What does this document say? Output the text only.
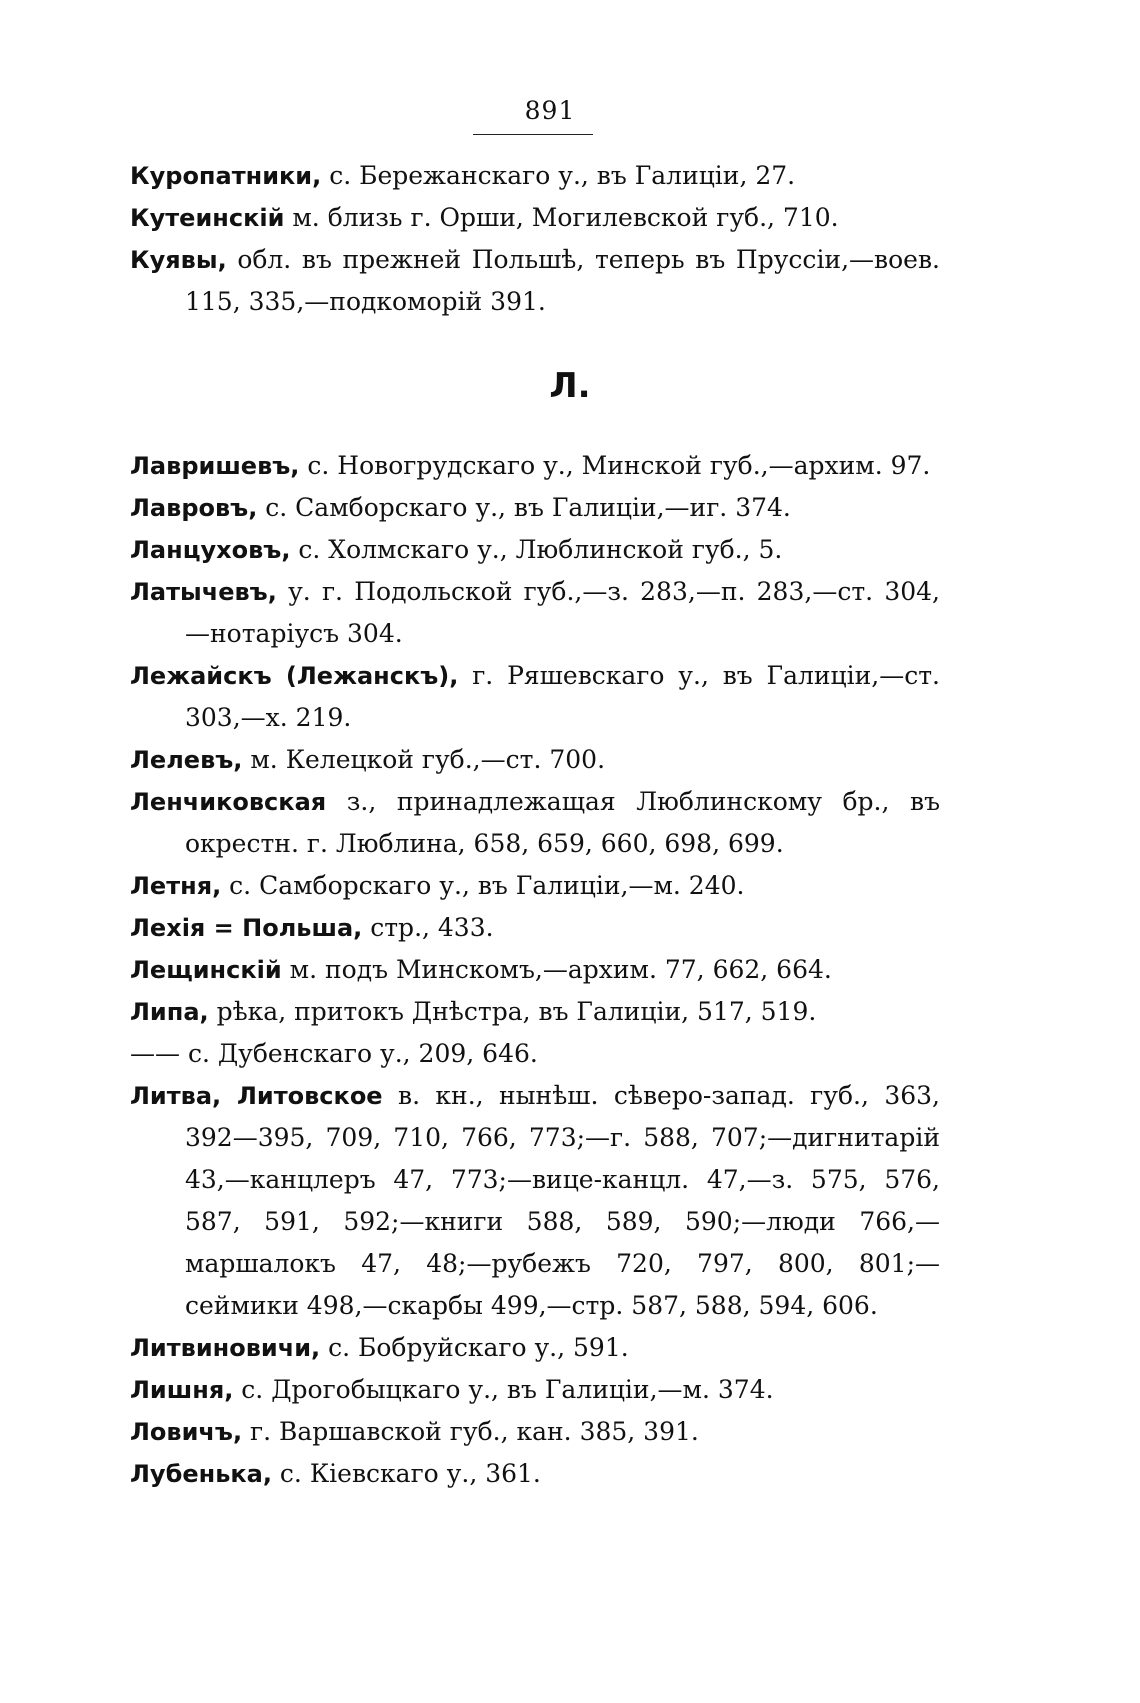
891

Куропатники, с. Бережанскаго у., въ Галиціи, 27.

Кутеинскій м. близь г. Орши, Могилевской губ., 710.

Куявы, обл. въ прежней Польшѣ, теперь въ Пруссіи,—воев. 115, 335,—подкоморій 391.

Л.

Лавришевъ, с. Новогрудскаго у., Минской губ.,—архим. 97.

Лавровъ, с. Самборскаго у., въ Галиціи,—иг. 374.

Ланцуховъ, с. Холмскаго у., Люблинской губ., 5.

Латычевъ, у. г. Подольской губ.,—з. 283,—п. 283,—ст. 304,—нотаріусъ 304.

Лежайскъ (Лежанскъ), г. Ряшевскаго у., въ Галиціи,—ст. 303,—х. 219.

Лелевъ, м. Келецкой губ.,—ст. 700.

Ленчиковская з., принадлежащая Люблинскому бр., въ окрестн. г. Люблина, 658, 659, 660, 698, 699.

Летня, с. Самборскаго у., въ Галиціи,—м. 240.

Лехія = Польша, стр., 433.

Лещинскій м. подъ Минскомъ,—архим. 77, 662, 664.

Липа, рѣка, притокъ Днѣстра, въ Галиціи, 517, 519.

—— с. Дубенскаго у., 209, 646.

Литва, Литовское в. кн., нынѣш. сѣверо-запад. губ., 363, 392—395, 709, 710, 766, 773;—г. 588, 707;—дигнитарій 43,—канцлеръ 47, 773;—вице-канцл. 47,—з. 575, 576, 587, 591, 592;—книги 588, 589, 590;—люди 766,—маршалокъ 47, 48;—рубежъ 720, 797, 800, 801;—сеймики 498,—скарбы 499,—стр. 587, 588, 594, 606.

Литвиновичи, с. Бобруйскаго у., 591.

Лишня, с. Дрогобыцкаго у., въ Галиціи,—м. 374.

Ловичъ, г. Варшавской губ., кан. 385, 391.

Лубенька, с. Кіевскаго у., 361.
